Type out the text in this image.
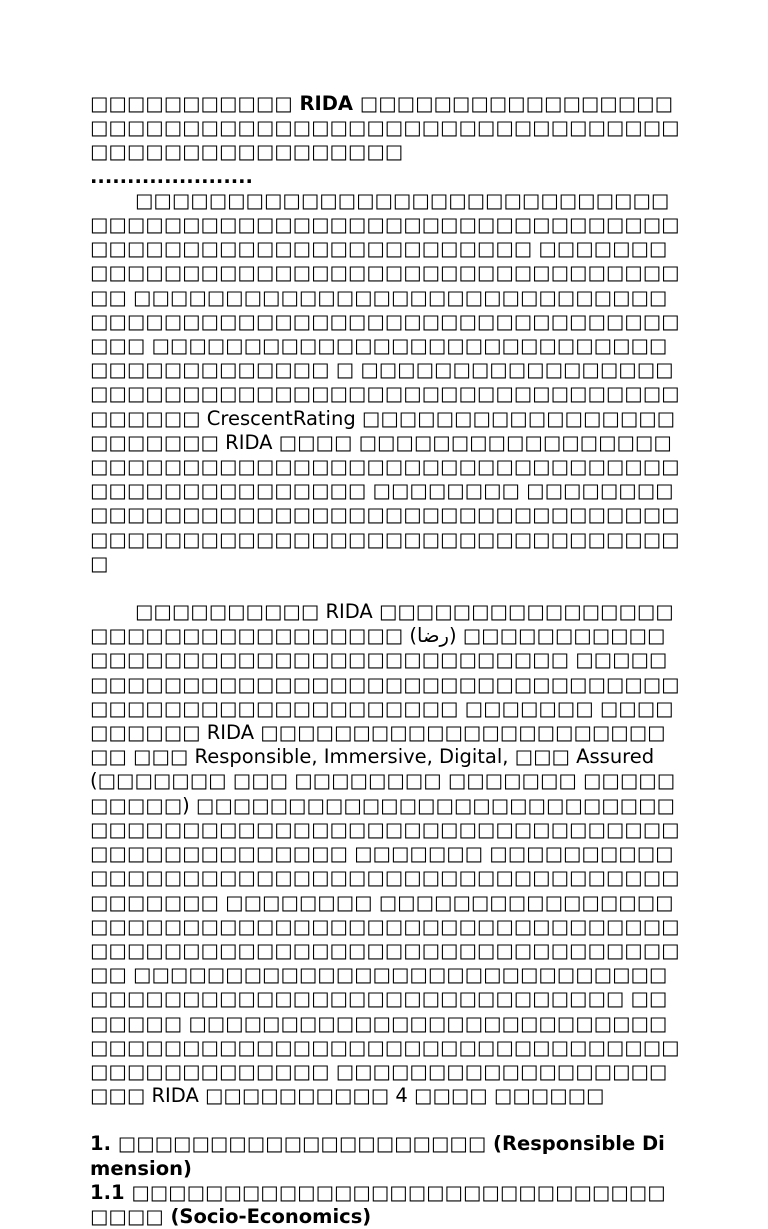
□□□□□□□□□□□ RIDA □□□□□□□□□□□□□□□□□□□□□□□□□□□□□□□□□□□□□□□□□□□□□□□□□□□□□□□□□□□□□□□□□□

......................

□□□□□□□□□□□□□□□□□□□□□□□□□□□□□□□□□□□□□□□□□□□□□□□□□□□□□□□□□□□□□□□□□□□□□□□□□□□□□□□□□□□□□ □□□□□□□□□□□□□□□□□□□□□□□□□□□□□□□□□□□□□□□□□ □□□□□□□□□□□□□□□□□□□□□□□□□□□□□□□□□□□□□□□□□□□□□□□□□□□□□□□□□□□□□□□□ □□□□□□□□□□□□□□□□□□□□□□□□□□□□□□□□□□□□□□□□□ □ □□□□□□□□□□□□□□□□□□□□□□□□□□□□□□□□□□□□□□□□□□□□□□□□□□□□□□□ CrescentRating □□□□□□□□□□□□□□□□□□□□□□□□ RIDA □□□□ □□□□□□□□□□□□□□□□□□□□□□□□□□□□□□□□□□□□□□□□□□□□□□□□□□□□□□□□□□□□□□□□ □□□□□□□□ □□□□□□□□□□□□□□□□□□□□□□□□□□□□□□□□□□□□□□□□□□□□□□□□□□□□□□□□□□□□□□□□□□□□□□□□□

□□□□□□□□□□ RIDA □□□□□□□□□□□□□□□□□□□□□□□□□□□□□□□□□ (رضا) □□□□□□□□□□□□□□□□□□□□□□□□□□□□□□□□□□□□□ □□□□□□□□□□□□□□□□□□□□□□□□□□□□□□□□□□□□□□□□□□□□□□□□□□□□□□□□□ □□□□□□□ □□□□□□□□□□ RIDA □□□□□□□□□□□□□□□□□□□□□□□□ □□□ Responsible, Immersive, Digital, □□□ Assured (□□□□□□□ □□□ □□□□□□□□ □□□□□□□ □□□□□□□□□□) □□□□□□□□□□□□□□□□□□□□□□□□□□□□□□□□□□□□□□□□□□□□□□□□□□□□□□□□□□□□□□□□□□□□□□□□ □□□□□□□ □□□□□□□□□□□□□□□□□□□□□□□□□□□□□□□□□□□□□□□□□□□□□□□□□ □□□□□□□□ □□□□□□□□□□□□□□□□□□□□□□□□□□□□□□□□□□□□□□□□□□□□□□□□□□□□□□□□□□□□□□□□□□□□□□□□□□□□□□□□□□ □□□□□□□□□□□□□□□□□□□□□□□□□□□□□□□□□□□□□□□□□□□□□□□□□□□□□□□□□□ □□□□□□□ □□□□□□□□□□□□□□□□□□□□□□□□□□□□□□□□□□□□□□□□□□□□□□□□□□□□□□□□□□□□□□□□□□□□□□□ □□□□□□□□□□□□□□□□□□□□□ RIDA □□□□□□□□□□ 4 □□□□ □□□□□□

1. □□□□□□□□□□□□□□□□□□□□ (Responsible Dimension)

1.1 □□□□□□□□□□□□□□□□□□□□□□□□□□□□□□□□□ (Socio-Economics)
